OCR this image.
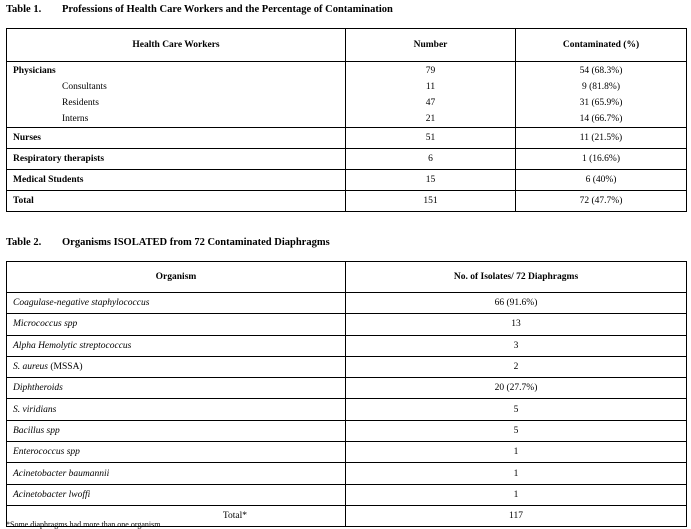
Table 1. Professions of Health Care Workers and the Percentage of Contamination
Health Care Workers	Number	Contaminated (%)
Physicians	79	54 (68.3%)
Consultants	11	9 (81.8%)
Residents	47	31 (65.9%)
Interns	21	14 (66.7%)
Nurses	51	11 (21.5%)
Respiratory therapists	6	1 (16.6%)
Medical Students	15	6 (40%)
Total	151	72 (47.7%)
Table 2. Organisms ISOLATED from 72 Contaminated Diaphragms
Organism	No. of Isolates/ 72 Diaphragms
Coagulase-negative staphylococcus	66 (91.6%)
Micrococcus spp	13
Alpha Hemolytic streptococcus	3
S. aureus (MSSA)	2
Diphtheroids	20 (27.7%)
S. viridians	5
Bacillus spp	5
Enterococcus spp	1
Acinetobacter baumannii	1
Acinetobacter lwoffi	1
Total*	117
*Some diaphragms had more than one organism.
